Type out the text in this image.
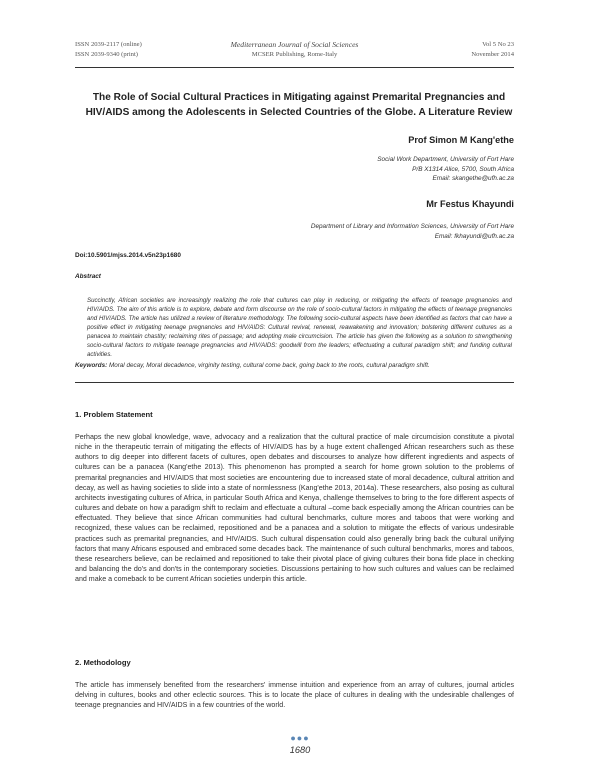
ISSN 2039-2117 (online)
ISSN 2039-9340 (print)
Mediterranean Journal of Social Sciences
MCSER Publishing, Rome-Italy
Vol 5 No 23
November 2014
The Role of Social Cultural Practices in Mitigating against Premarital Pregnancies and HIV/AIDS among the Adolescents in Selected Countries of the Globe. A Literature Review
Prof Simon M Kang'ethe
Social Work Department, University of Fort Hare
P/B X1314 Alice, 5700, South Africa
Email: skangethe@ufh.ac.za
Mr Festus Khayundi
Department of Library and Information Sciences, University of Fort Hare
Email: fkhayundi@ufh.ac.za
Doi:10.5901/mjss.2014.v5n23p1680
Abstract
Succinctly, African societies are increasingly realizing the role that cultures can play in reducing, or mitigating the effects of teenage pregnancies and HIV/AIDS. The aim of this article is to explore, debate and form discourse on the role of socio-cultural factors in mitigating the effects of teenage pregnancies and HIV/AIDS. The article has utilized a review of literature methodology. The following socio-cultural aspects have been identified as factors that can have a positive effect in mitigating teenage pregnancies and HIV/AIDS: Cultural revival, renewal, reawakening and innovation; bolstering different cultures as a panacea to maintain chastity; reclaiming rites of passage; and adopting male circumcision. The article has given the following as a solution to strengthening socio-cultural factors to mitigate teenage pregnancies and HIV/AIDS: goodwill from the leaders; effectuating a cultural paradigm shift; and funding cultural activities.
Keywords: Moral decay, Moral decadence, virginity testing, cultural come back, going back to the roots, cultural paradigm shift.
1. Problem Statement
Perhaps the new global knowledge, wave, advocacy and a realization that the cultural practice of male circumcision constitute a pivotal niche in the therapeutic terrain of mitigating the effects of HIV/AIDS has by a huge extent challenged African researchers such as these authors to dig deeper into different facets of cultures, open debates and discourses to analyze how different ingredients and aspects of cultures can be a panacea (Kang'ethe 2013). This phenomenon has prompted a search for home grown solution to the problems of premarital pregnancies and HIV/AIDS that most societies are encountering due to increased state of moral decadence, cultural attrition and decay, as well as having societies to slide into a state of normlessness (Kang'ethe 2013, 2014a). These researchers, also posing as cultural architects investigating cultures of Africa, in particular South Africa and Kenya, challenge themselves to bring to the fore different aspects of cultures and debate on how a paradigm shift to reclaim and effectuate a cultural –come back especially among the African countries can be effectuated. They believe that since African communities had cultural benchmarks, culture mores and taboos that were working and recognized, these values can be reclaimed, repositioned and be a panacea and a solution to mitigate the effects of various undesirable practices such as premarital pregnancies, and HIV/AIDS. Such cultural dispensation could also generally bring back the cultural unifying factors that many Africans espoused and embraced some decades back. The maintenance of such cultural benchmarks, mores and taboos, these researchers believe, can be reclaimed and repositioned to take their pivotal place of giving cultures their bona fide place in checking and balancing the do's and don'ts in the contemporary societies. Discussions pertaining to how such cultures and values can be reclaimed and make a comeback to be current African societies underpin this article.
2. Methodology
The article has immensely benefited from the researchers' immense intuition and experience from an array of cultures, journal articles delving in cultures, books and other eclectic sources. This is to locate the place of cultures in dealing with the undesirable challenges of teenage pregnancies and HIV/AIDS in a few countries of the world.
●●●
1680
